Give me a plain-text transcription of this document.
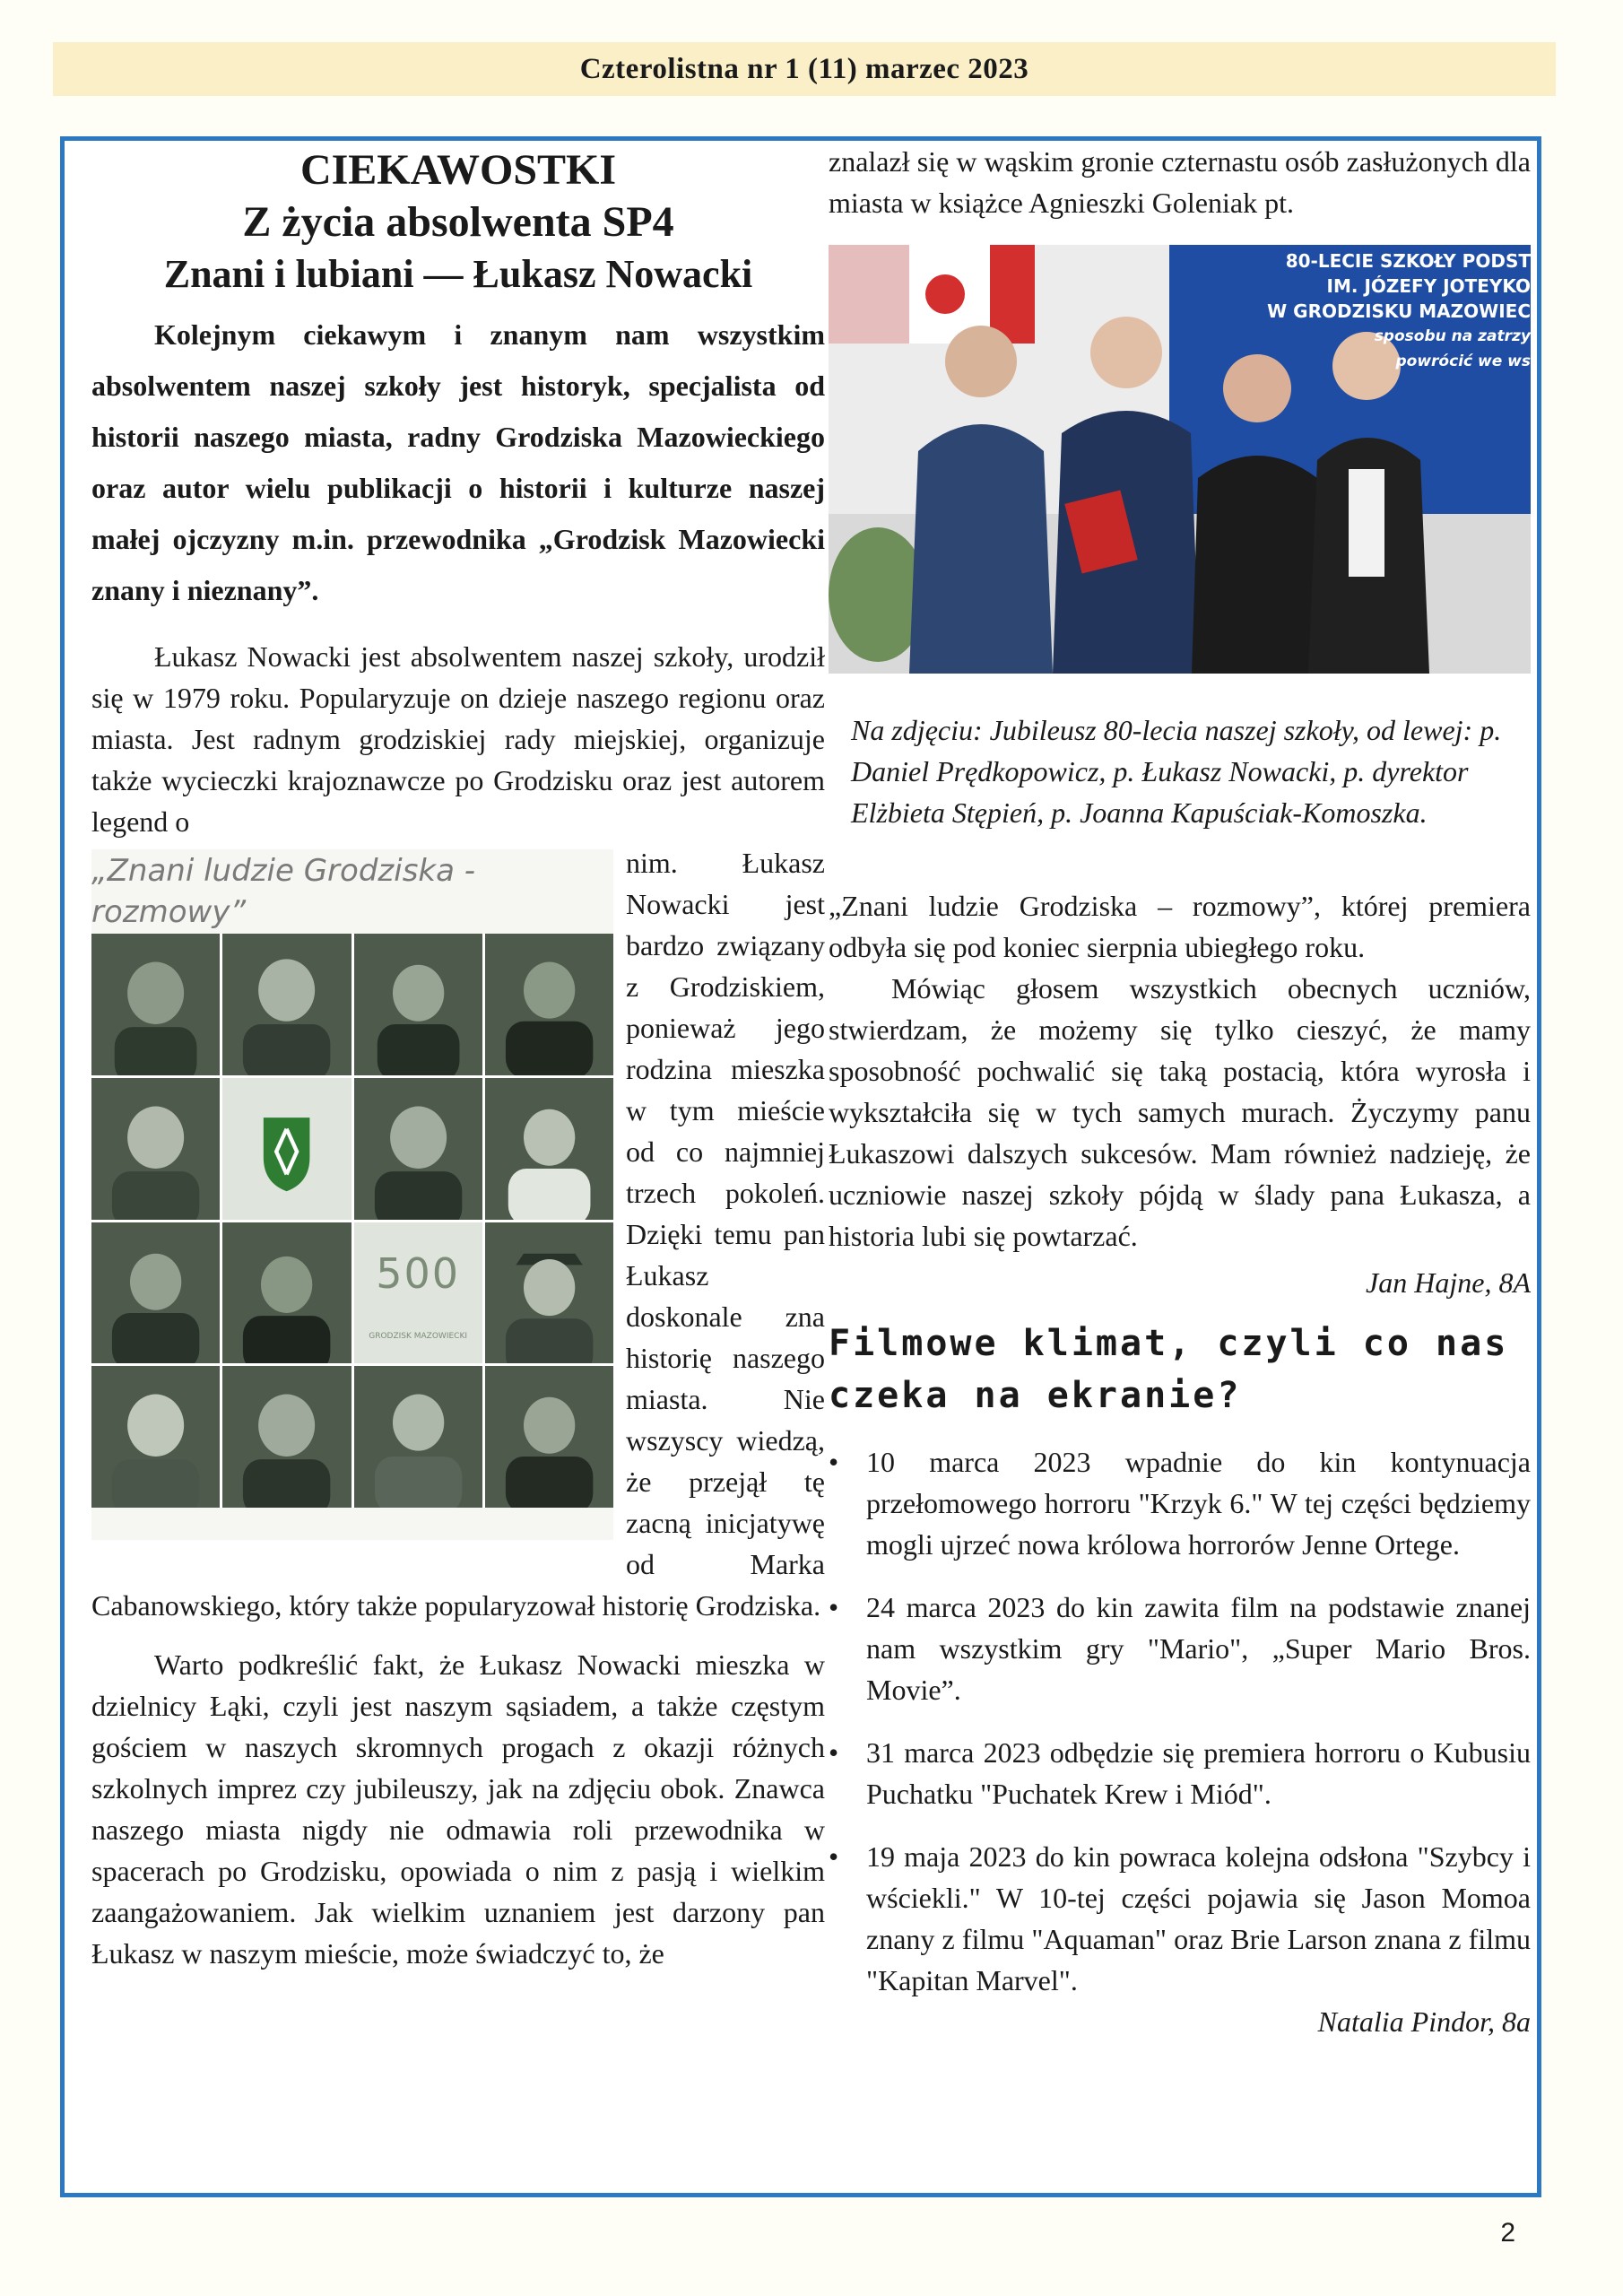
Czterolistna nr 1 (11) marzec 2023
CIEKAWOSTKI
Z życia absolwenta SP4
Znani i lubiani — Łukasz Nowacki

Kolejnym ciekawym i znanym nam wszystkim absolwentem naszej szkoły jest historyk, specjalista od historii naszego miasta, radny Grodziska Mazowieckiego oraz autor wielu publikacji o historii i kulturze naszej małej ojczyzny m.in. przewodnika „Grodzisk Mazowiecki znany i nieznany”.

Łukasz Nowacki jest absolwentem naszej szkoły, urodził się w 1979 roku. Popularyzuje on dzieje naszego regionu oraz miasta. Jest radnym grodziskiej rady miejskiej, organizuje także wycieczki krajoznawcze po Grodzisku oraz jest autorem legend o

„Znani ludzie Grodziska - rozmowy”
500
GRODZISK MAZOWIECKI

nim. Łukasz Nowacki jest bardzo związany z Grodziskiem, ponieważ jego rodzina mieszka w tym mieście od co najmniej trzech pokoleń. Dzięki temu pan Łukasz doskonale zna historię naszego miasta. Nie wszyscy wiedzą, że przejął tę zacną inicjatywę od Marka Cabanowskiego, który także popularyzował historię Grodziska.

Warto podkreślić fakt, że Łukasz Nowacki mieszka w dzielnicy Łąki, czyli jest naszym sąsiadem, a także częstym gościem w naszych skromnych progach z okazji różnych szkolnych imprez czy jubileuszy, jak na zdjęciu obok. Znawca naszego miasta nigdy nie odmawia roli przewodnika w spacerach po Grodzisku, opowiada o nim z pasją i wielkim zaangażowaniem. Jak wielkim uznaniem jest darzony pan Łukasz w naszym mieście, może świadczyć to, że

znalazł się w wąskim gronie czternastu osób zasłużonych dla miasta w książce Agnieszki Goleniak pt.

80-LECIE SZKOŁY PODST
IM. JÓZEFY JOTEYKO
W GRODZISKU MAZOWIEC
sposobu na zatrzy
powrócić we ws

Na zdjęciu: Jubileusz 80-lecia naszej szkoły, od lewej: p. Daniel Prędkopowicz, p. Łukasz Nowacki, p. dyrektor Elżbieta Stępień, p. Joanna Kapuściak-Komoszka.

„Znani ludzie Grodziska – rozmowy”, której premiera odbyła się pod koniec sierpnia ubiegłego roku.

Mówiąc głosem wszystkich obecnych uczniów, stwierdzam, że możemy się tylko cieszyć, że mamy sposobność pochwalić się taką postacią, która wyrosła i wykształciła się w tych samych murach. Życzymy panu Łukaszowi dalszych sukcesów. Mam również nadzieję, że uczniowie naszej szkoły pójdą w ślady pana Łukasza, a historia lubi się powtarzać.

Jan Hajne, 8A

Filmowe klimat, czyli co nas czeka na ekranie?
• 10 marca 2023 wpadnie do kin kontynuacja przełomowego horroru "Krzyk 6." W tej części będziemy mogli ujrzeć nowa królowa horrorów Jenne Ortege.
• 24 marca 2023 do kin zawita film na podstawie znanej nam wszystkim gry "Mario", „Super Mario Bros. Movie”.
• 31 marca 2023 odbędzie się premiera horroru o Kubusiu Puchatku "Puchatek Krew i Miód".
• 19 maja 2023 do kin powraca kolejna odsłona "Szybcy i wściekli." W 10-tej części pojawia się Jason Momoa znany z filmu "Aquaman" oraz Brie Larson znana z filmu "Kapitan Marvel".

Natalia Pindor, 8a

2
